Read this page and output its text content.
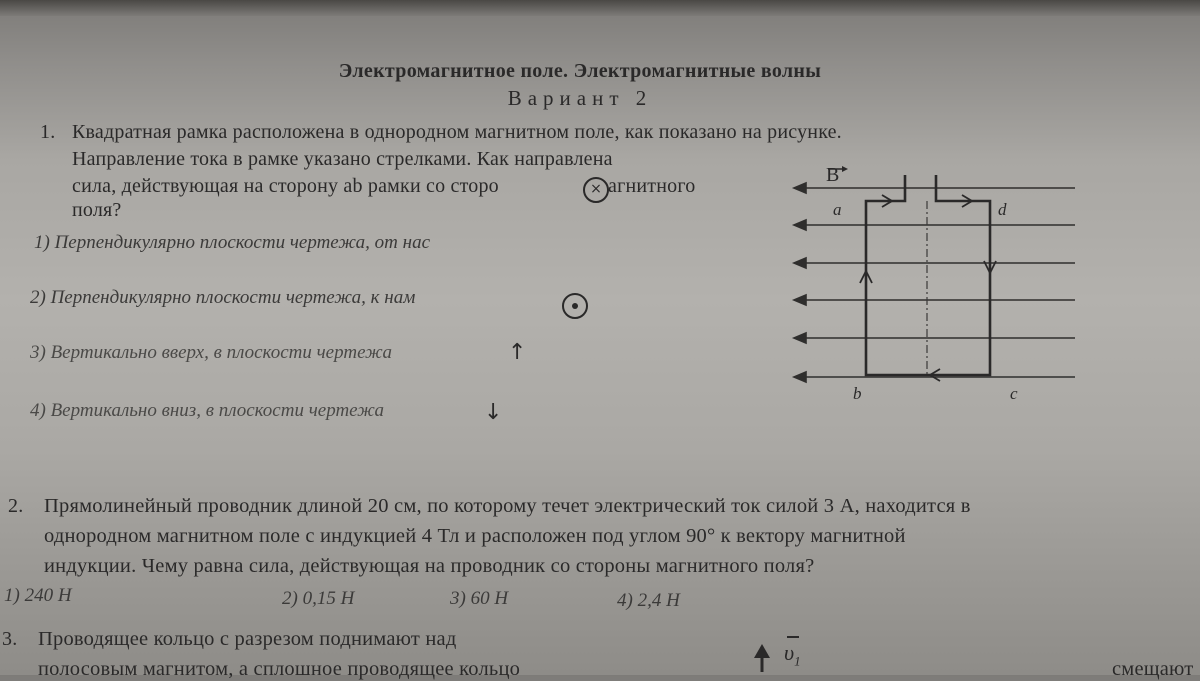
Электромагнитное поле. Электромагнитные волны
Вариант 2
1. Квадратная рамка расположена в однородном магнитном поле, как показано на рисунке.
Направление тока в рамке указано стрелками. Как направлена
сила, действующая на сторону ab рамки со сторо	× агнитного
поля?
1) Перпендикулярно плоскости чертежа, от нас
2) Перпендикулярно плоскости чертежа, к нам
3) Вертикально вверх, в плоскости чертежа	↑
4) Вертикально вниз, в плоскости чертежа	↓
B
a	d
b	c
2. Прямолинейный проводник длиной 20 см, по которому течет электрический ток силой 3 А, находится в
однородном магнитном поле с индукцией 4 Тл и расположен под углом 90° к вектору магнитной
индукции. Чему равна сила, действующая на проводник со стороны магнитного поля?
1) 240 Н	2) 0,15 Н	3) 60 Н	4) 2,4 Н
3. Проводящее кольцо с разрезом поднимают над
полосовым магнитом, а сплошное проводящее кольцо	смещают
$\upsilon_1$
